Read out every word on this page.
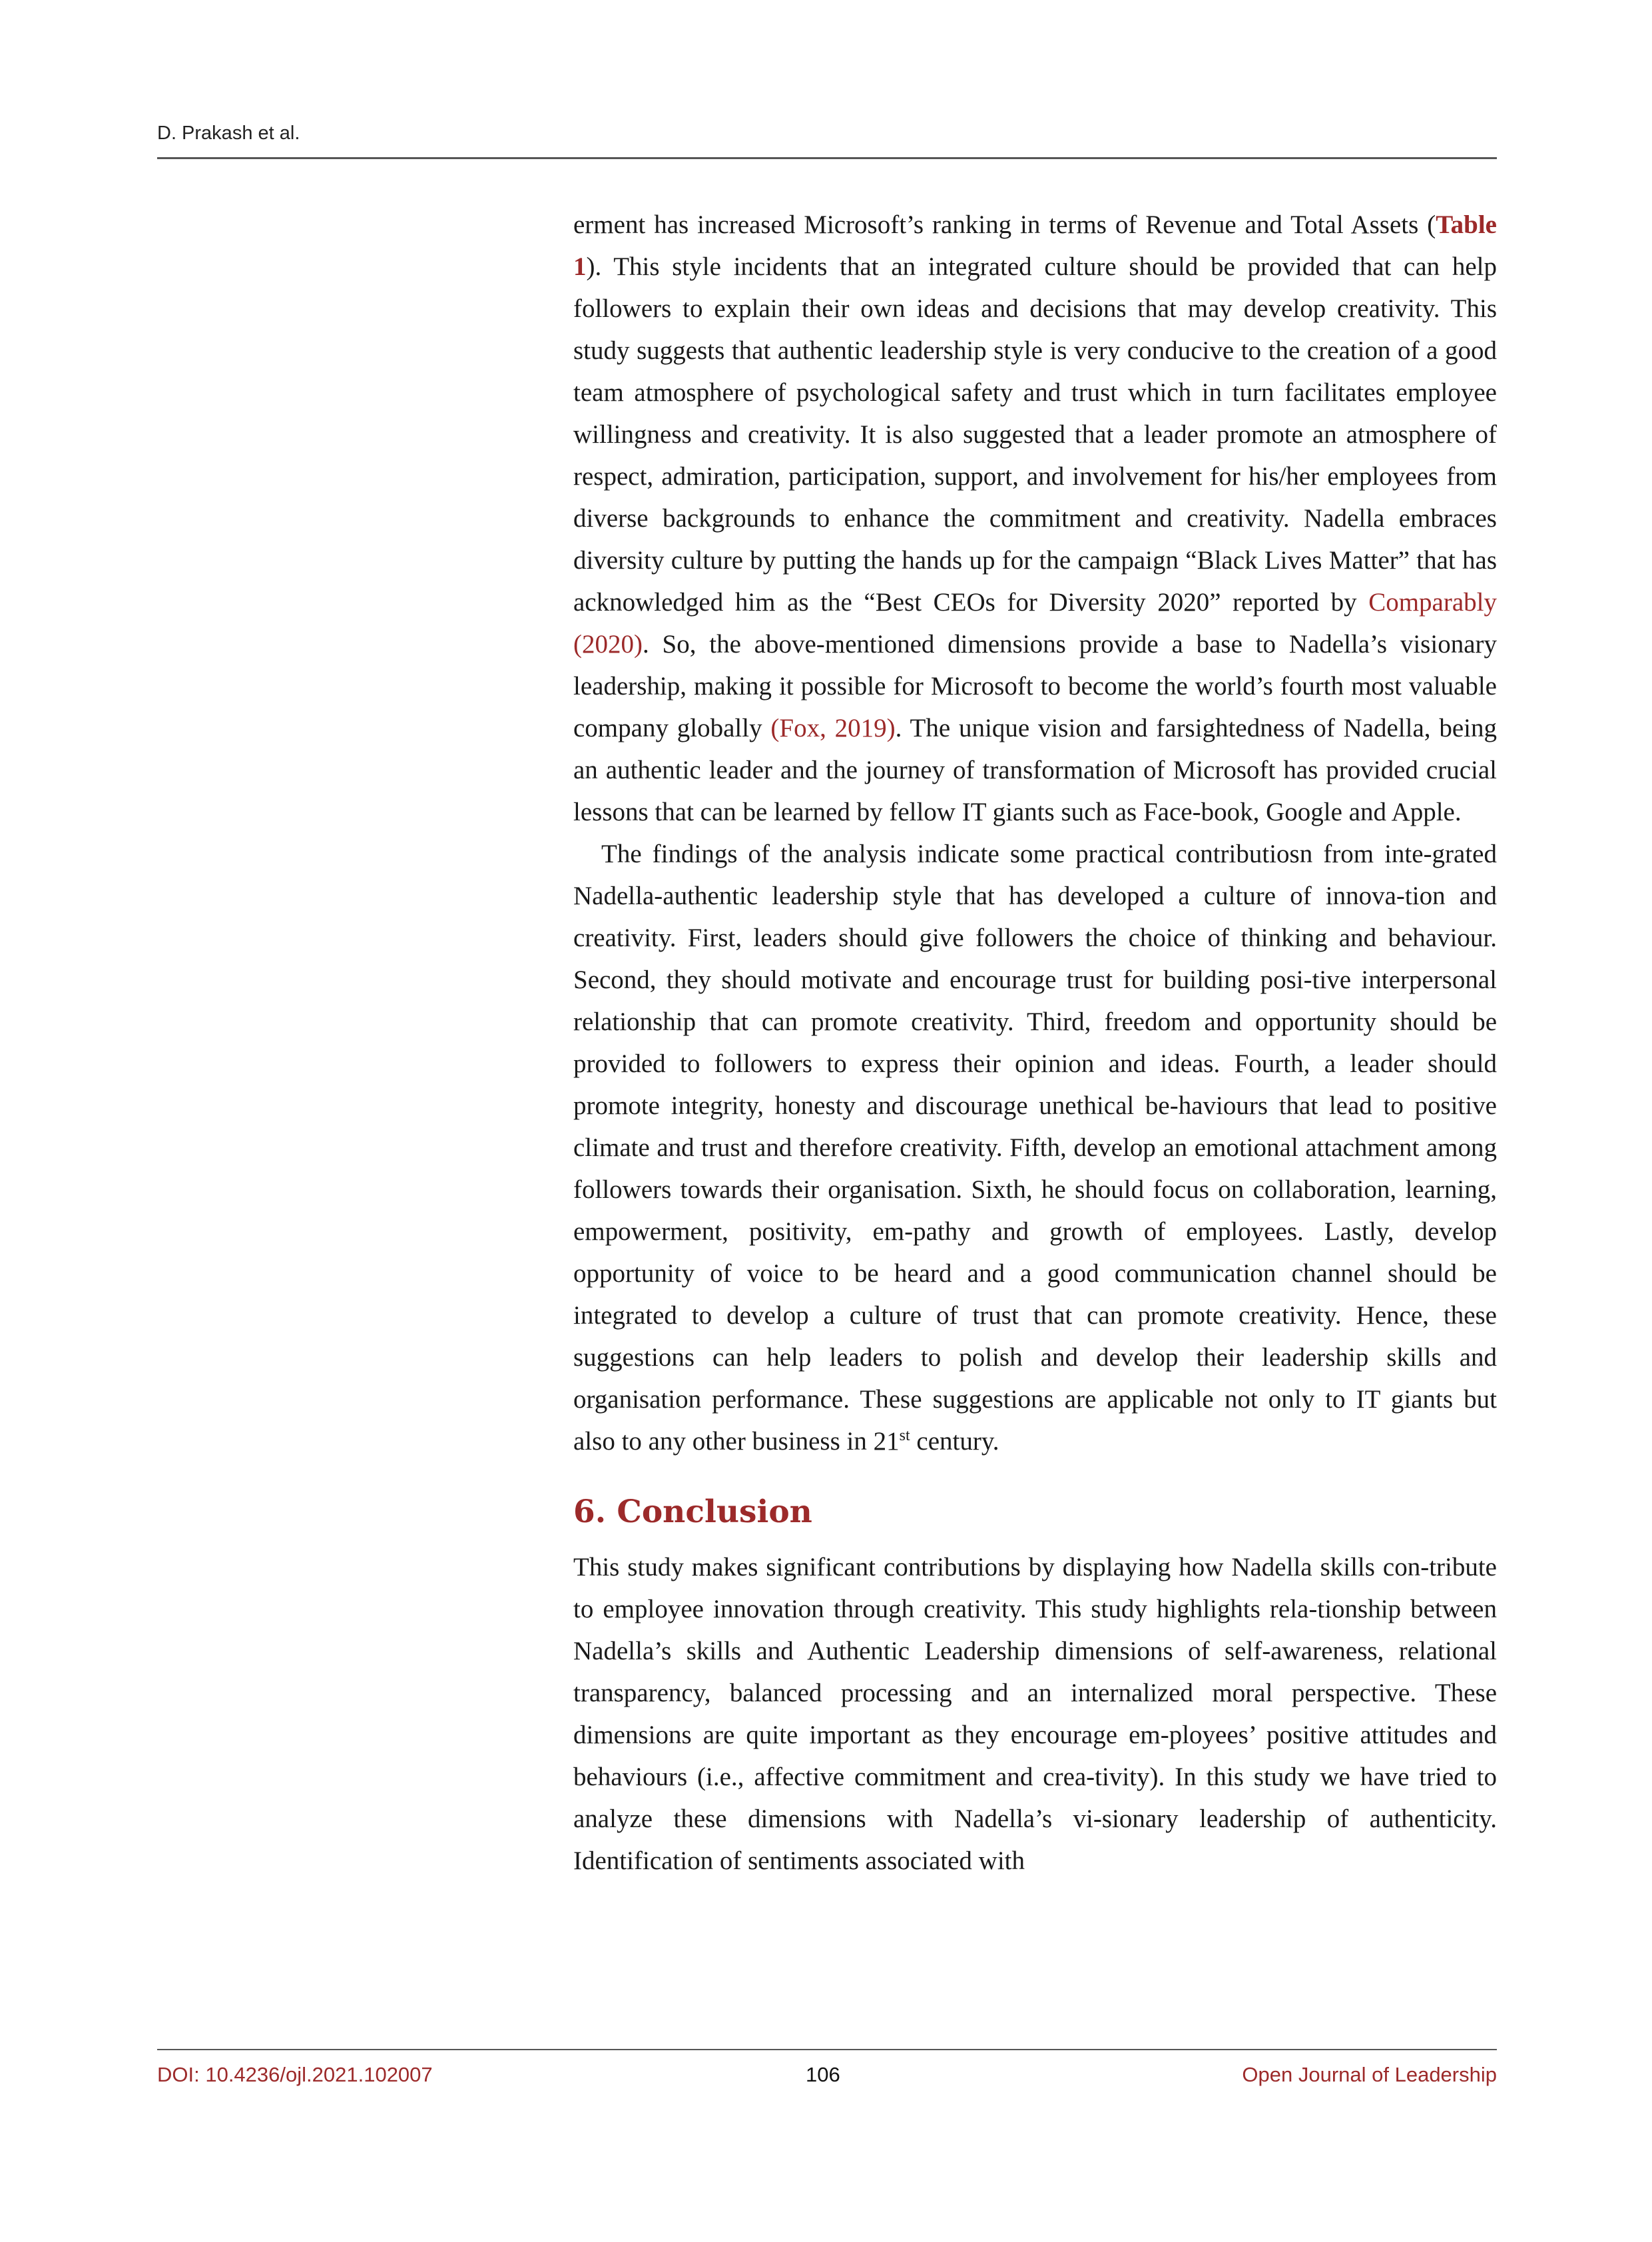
D. Prakash et al.

erment has increased Microsoft’s ranking in terms of Revenue and Total Assets (Table 1). This style incidents that an integrated culture should be provided that can help followers to explain their own ideas and decisions that may develop creativity. This study suggests that authentic leadership style is very conducive to the creation of a good team atmosphere of psychological safety and trust which in turn facilitates employee willingness and creativity. It is also suggested that a leader promote an atmosphere of respect, admiration, participation, support, and involvement for his/her employees from diverse backgrounds to enhance the commitment and creativity. Nadella embraces diversity culture by putting the hands up for the campaign “Black Lives Matter” that has acknowledged him as the “Best CEOs for Diversity 2020” reported by Comparably (2020). So, the above-mentioned dimensions provide a base to Nadella’s visionary leadership, making it possible for Microsoft to become the world’s fourth most valuable company globally (Fox, 2019). The unique vision and farsightedness of Nadella, being an authentic leader and the journey of transformation of Microsoft has provided crucial lessons that can be learned by fellow IT giants such as Face-book, Google and Apple.

The findings of the analysis indicate some practical contributiosn from inte-grated Nadella-authentic leadership style that has developed a culture of innova-tion and creativity. First, leaders should give followers the choice of thinking and behaviour. Second, they should motivate and encourage trust for building posi-tive interpersonal relationship that can promote creativity. Third, freedom and opportunity should be provided to followers to express their opinion and ideas. Fourth, a leader should promote integrity, honesty and discourage unethical be-haviours that lead to positive climate and trust and therefore creativity. Fifth, develop an emotional attachment among followers towards their organisation. Sixth, he should focus on collaboration, learning, empowerment, positivity, em-pathy and growth of employees. Lastly, develop opportunity of voice to be heard and a good communication channel should be integrated to develop a culture of trust that can promote creativity. Hence, these suggestions can help leaders to polish and develop their leadership skills and organisation performance. These suggestions are applicable not only to IT giants but also to any other business in 21st century.

6. Conclusion

This study makes significant contributions by displaying how Nadella skills con-tribute to employee innovation through creativity. This study highlights rela-tionship between Nadella’s skills and Authentic Leadership dimensions of self-awareness, relational transparency, balanced processing and an internalized moral perspective. These dimensions are quite important as they encourage em-ployees’ positive attitudes and behaviours (i.e., affective commitment and crea-tivity). In this study we have tried to analyze these dimensions with Nadella’s vi-sionary leadership of authenticity. Identification of sentiments associated with

DOI: 10.4236/ojl.2021.102007	106	Open Journal of Leadership
